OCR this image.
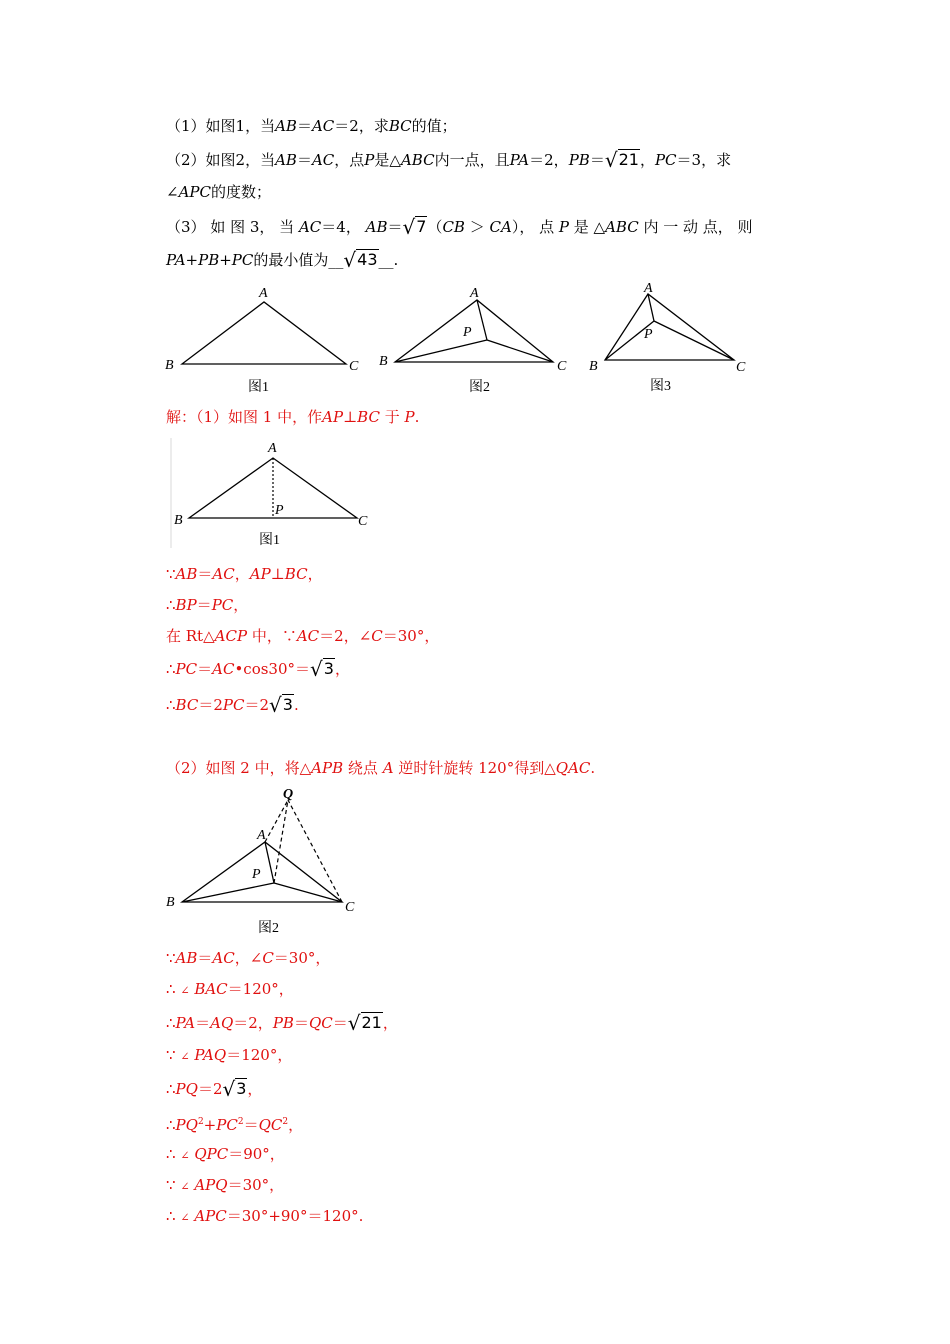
（1）如图1，当AB＝AC＝2，求BC的值；
（2）如图2，当AB＝AC，点P是△ABC内一点，且PA＝2，PB＝√21，PC＝3，求
∠APC的度数；
（3） 如 图 3， 当 AC＝4， AB＝√7（CB ＞ CA）， 点 P 是 △ABC 内 一 动 点， 则
PA+PB+PC的最小值为__√43__.
A
B	C
图1
A
B	C
P
图2
A
B	C
P
图3
解：（1）如图 1 中，作AP⊥BC 于 P.
A
B	C
P
图1
∵AB＝AC，AP⊥BC，
∴BP＝PC，
在 Rt△ACP 中，∵AC＝2，∠C＝30°，
∴PC＝AC•cos30°＝√3，
∴BC＝2PC＝2√3.
（2）如图 2 中，将△APB 绕点 A 逆时针旋转 120°得到△QAC.
Q
A
B	C
P
图2
∵AB＝AC，∠C＝30°，
∴ ∠ BAC＝120°，
∴PA＝AQ＝2，PB＝QC＝√21，
∵ ∠ PAQ＝120°，
∴PQ＝2√3，
$\therefore PQ^2+PC^2=QC^2$，
∴ ∠ QPC＝90°，
∵ ∠ APQ＝30°，
∴ ∠ APC＝30°+90°＝120°.
